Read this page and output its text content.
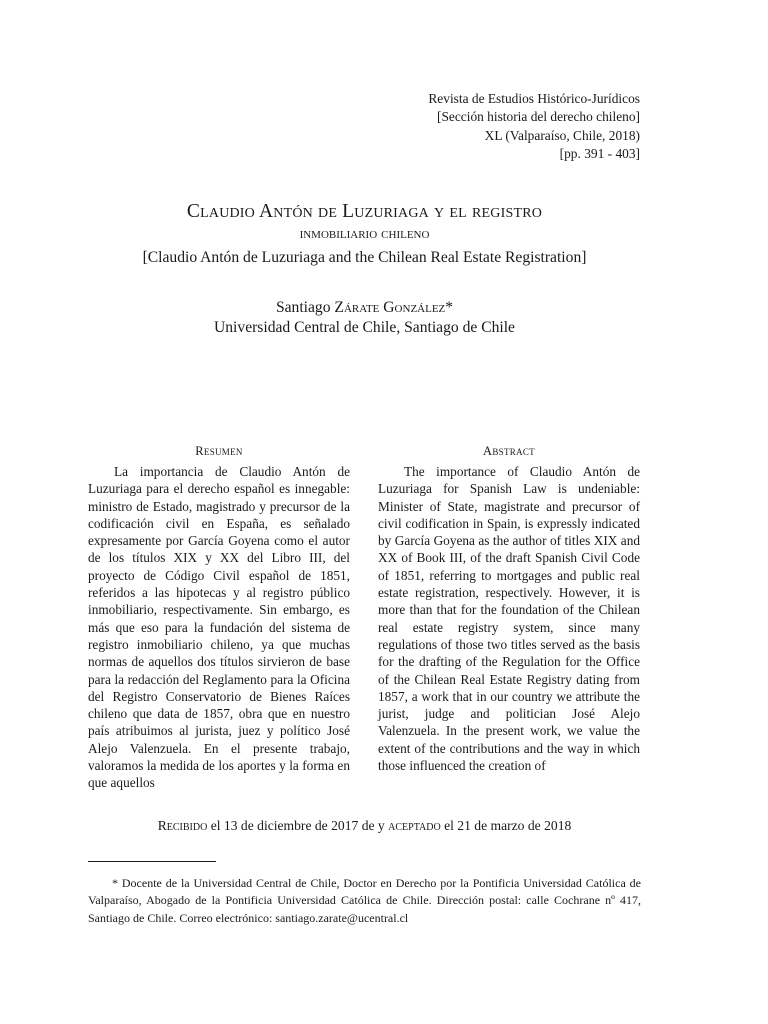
Revista de Estudios Histórico-Jurídicos
[Sección historia del derecho chileno]
XL (Valparaíso, Chile, 2018)
[pp. 391 - 403]
Claudio Antón de Luzuriaga y el registro
inmobiliario chileno
[Claudio Antón de Luzuriaga and the Chilean Real Estate Registration]
Santiago Zárate González*
Universidad Central de Chile, Santiago de Chile
Resumen

La importancia de Claudio Antón de Luzuriaga para el derecho español es innegable: ministro de Estado, magistrado y precursor de la codificación civil en España, es señalado expresamente por García Goyena como el autor de los títulos XIX y XX del Libro III, del proyecto de Código Civil español de 1851, referidos a las hipotecas y al registro público inmobiliario, respectivamente. Sin embargo, es más que eso para la fundación del sistema de registro inmobiliario chileno, ya que muchas normas de aquellos dos títulos sirvieron de base para la redacción del Reglamento para la Oficina del Registro Conservatorio de Bienes Raíces chileno que data de 1857, obra que en nuestro país atribuimos al jurista, juez y político José Alejo Valenzuela. En el presente trabajo, valoramos la medida de los aportes y la forma en que aquellos

Abstract

The importance of Claudio Antón de Luzuriaga for Spanish Law is undeniable: Minister of State, magistrate and precursor of civil codification in Spain, is expressly indicated by García Goyena as the author of titles XIX and XX of Book III, of the draft Spanish Civil Code of 1851, referring to mortgages and public real estate registration, respectively. However, it is more than that for the foundation of the Chilean real estate registry system, since many regulations of those two titles served as the basis for the drafting of the Regulation for the Office of the Chilean Real Estate Registry dating from 1857, a work that in our country we attribute the jurist, judge and politician José Alejo Valenzuela. In the present work, we value the extent of the contributions and the way in which those influenced the creation of

Recibido el 13 de diciembre de 2017 de y aceptado el 21 de marzo de 2018
* Docente de la Universidad Central de Chile, Doctor en Derecho por la Pontificia Universidad Católica de Valparaíso, Abogado de la Pontificia Universidad Católica de Chile. Dirección postal: calle Cochrane nº 417, Santiago de Chile. Correo electrónico: santiago.zarate@ucentral.cl
